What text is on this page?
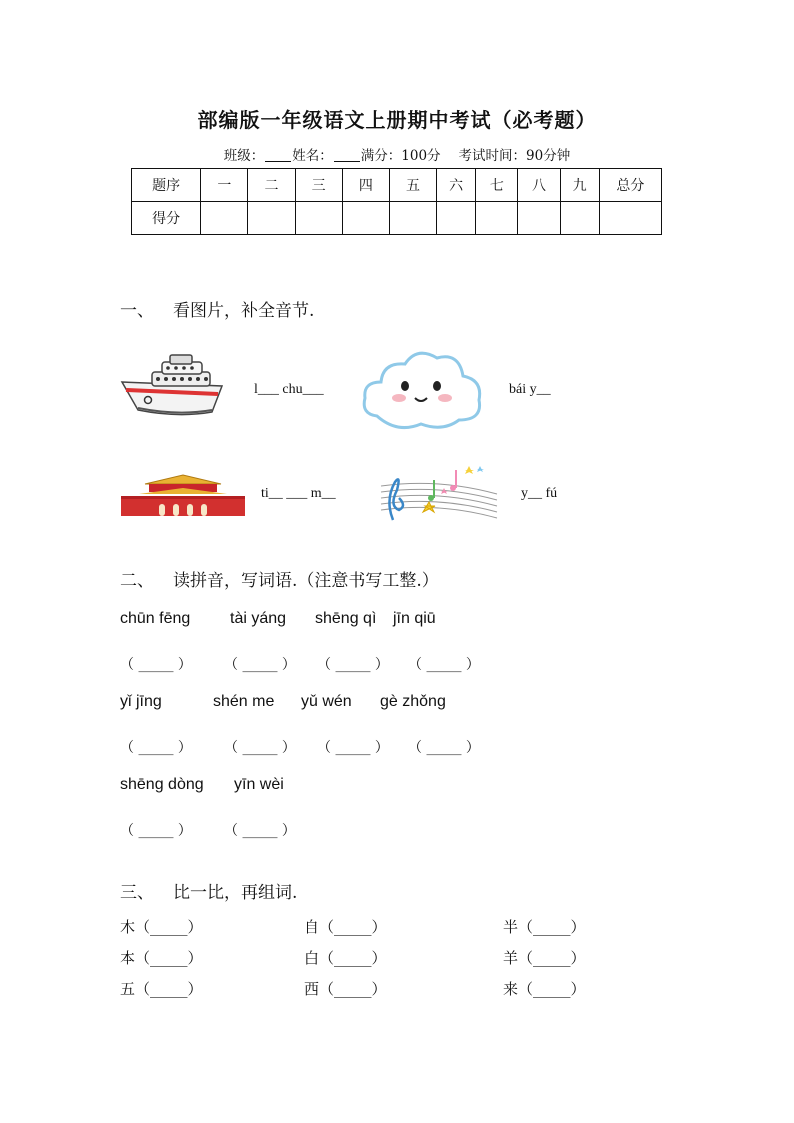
部编版一年级语文上册期中考试（必考题）
班级： 姓名： 满分：100分 考试时间：90分钟
题序	一	二	三	四	五	六	七	八	九	总分
得分										
一、 看图片，补全音节.
l___ chu___	bái y__
ti__ ___ m__	y__ fú
二、 读拼音，写词语.（注意书写工整.）
chūn fēng tài yáng shēng qì jīn qiū
（ _____ ） （ _____ ） （ _____ ） （ _____ ）
yǐ jīng	shén me yǔ wén gè zhǒng
（ _____ ） （ _____ ） （ _____ ） （ _____ ）
shēng dòng yīn wèi
（ _____ ） （ _____ ）
三、 比一比，再组词.
木（_____）	自（_____）	半（_____）
本（_____）	白（_____）	羊（_____）
五（_____）	西（_____）	来（_____）
